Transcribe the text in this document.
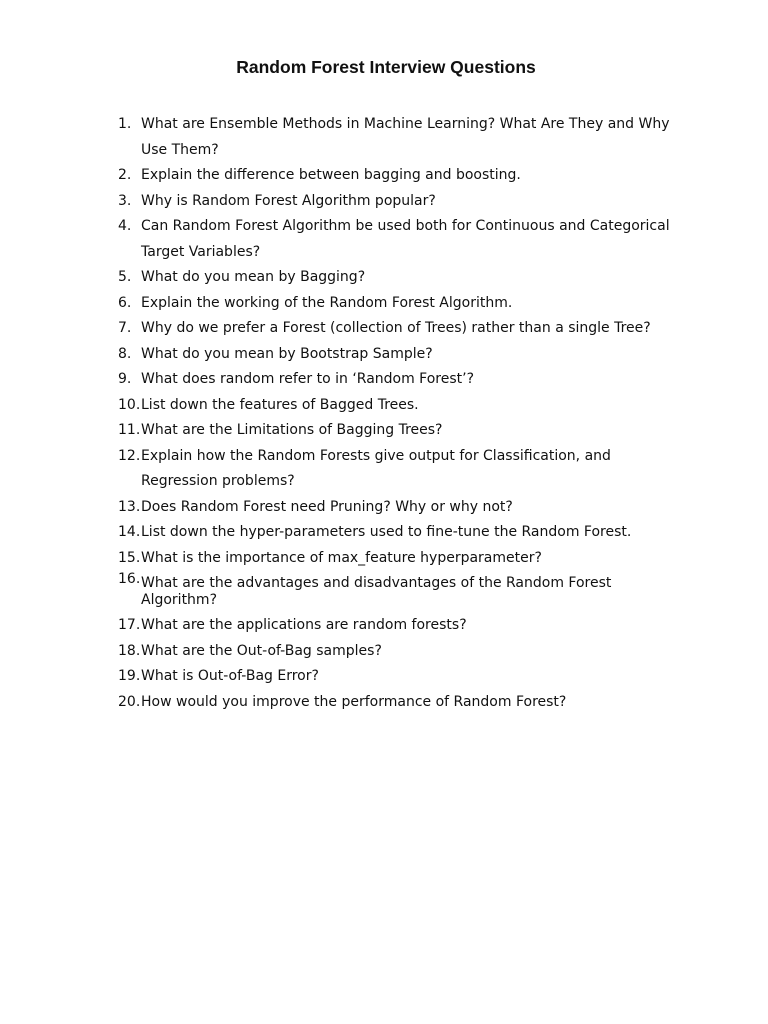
Random Forest Interview Questions
1. What are Ensemble Methods in Machine Learning? What Are They and Why Use Them?
2. Explain the difference between bagging and boosting.
3. Why is Random Forest Algorithm popular?
4. Can Random Forest Algorithm be used both for Continuous and Categorical Target Variables?
5. What do you mean by Bagging?
6. Explain the working of the Random Forest Algorithm.
7. Why do we prefer a Forest (collection of Trees) rather than a single Tree?
8. What do you mean by Bootstrap Sample?
9. What does random refer to in ‘Random Forest’?
10. List down the features of Bagged Trees.
11. What are the Limitations of Bagging Trees?
12. Explain how the Random Forests give output for Classification, and Regression problems?
13. Does Random Forest need Pruning? Why or why not?
14. List down the hyper-parameters used to fine-tune the Random Forest.
15. What is the importance of max_feature hyperparameter?
16. What are the advantages and disadvantages of the Random Forest Algorithm?
17. What are the applications are random forests?
18. What are the Out-of-Bag samples?
19. What is Out-of-Bag Error?
20. How would you improve the performance of Random Forest?
